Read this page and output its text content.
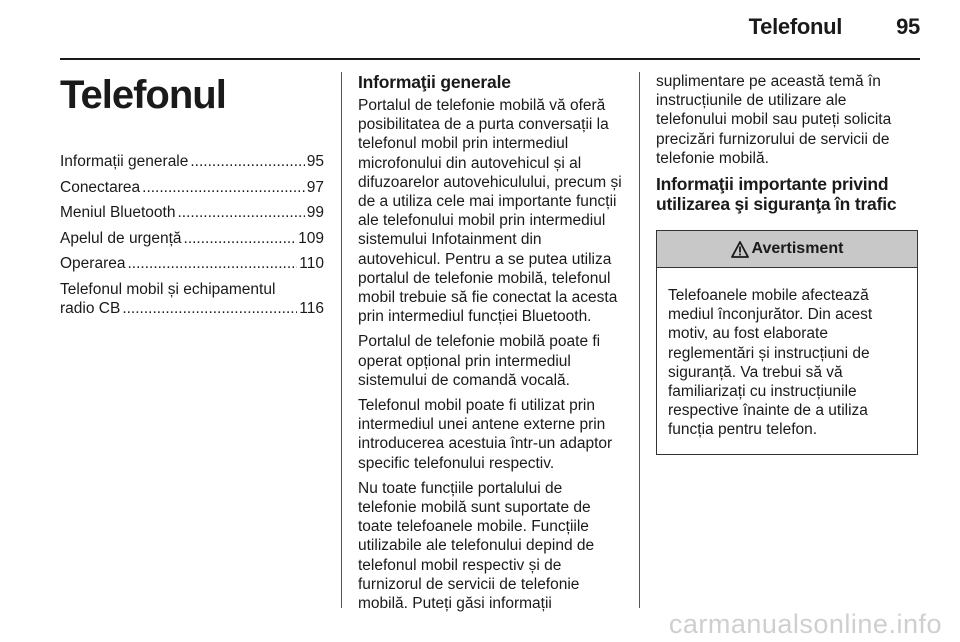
Telefonul 95
Telefonul
Informații generale .....	95
Conectarea .....	97
Meniul Bluetooth .....	99
Apelul de urgență .....	109
Operarea .....	110
Telefonul mobil și echipamentul
radio CB .....	116
Informaţii generale

Portalul de telefonie mobilă vă oferă posibilitatea de a purta conversații la telefonul mobil prin intermediul microfonului din autovehicul și al difuzoarelor autovehiculului, precum și de a utiliza cele mai importante funcții ale telefonului mobil prin intermediul sistemului Infotainment din autovehicul. Pentru a se putea utiliza portalul de telefonie mobilă, telefonul mobil trebuie să fie conectat la acesta prin intermediul funcției Bluetooth.

Portalul de telefonie mobilă poate fi operat opțional prin intermediul sistemului de comandă vocală.

Telefonul mobil poate fi utilizat prin intermediul unei antene externe prin introducerea acestuia într-un adaptor specific telefonului respectiv.

Nu toate funcțiile portalului de telefonie mobilă sunt suportate de toate telefoanele mobile. Funcțiile utilizabile ale telefonului depind de telefonul mobil respectiv și de furnizorul de servicii de telefonie mobilă. Puteți găsi informații

suplimentare pe această temă în instrucțiunile de utilizare ale telefonului mobil sau puteți solicita precizări furnizorului de servicii de telefonie mobilă.

Informaţii importante privind utilizarea şi siguranţa în trafic
Avertisment
Telefoanele mobile afectează mediul înconjurător. Din acest motiv, au fost elaborate reglementări și instrucțiuni de siguranță. Va trebui să vă familiarizați cu instrucțiunile respective înainte de a utiliza funcția pentru telefon.
carmanualsonline.info
